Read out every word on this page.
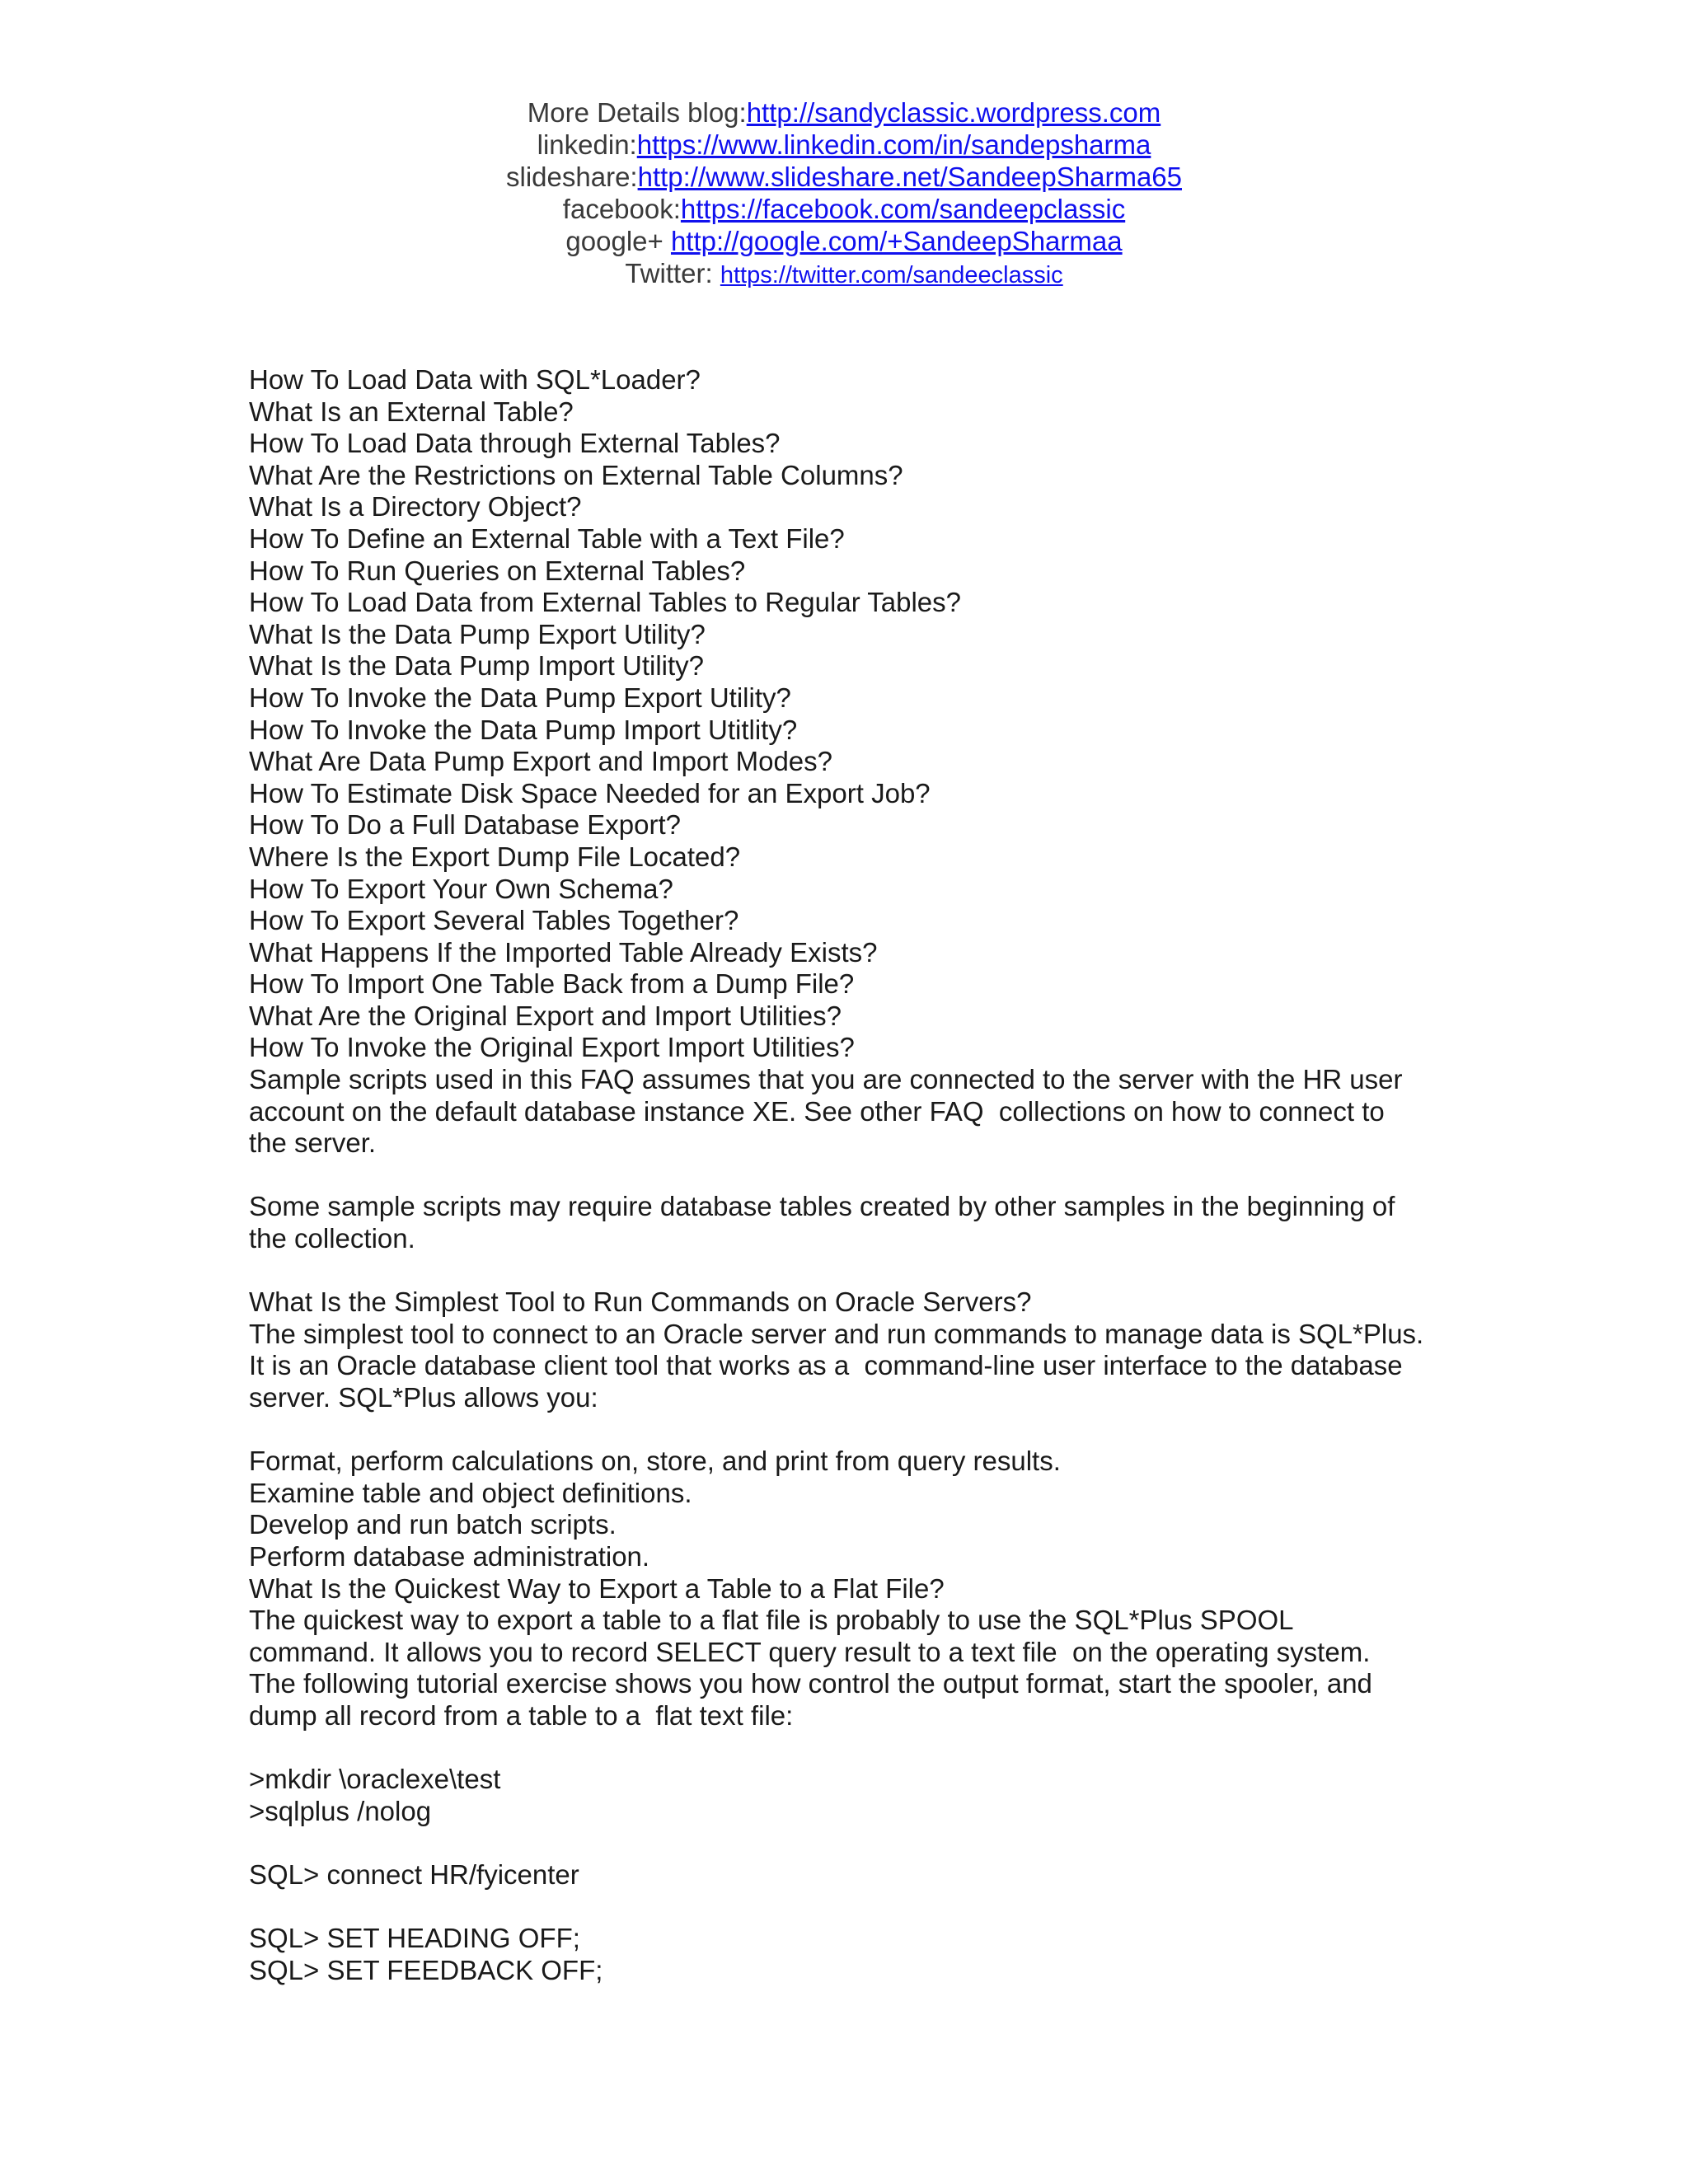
More Details blog:http://sandyclassic.wordpress.com
linkedin:https://www.linkedin.com/in/sandepsharma
slideshare:http://www.slideshare.net/SandeepSharma65
facebook:https://facebook.com/sandeepclassic
google+ http://google.com/+SandeepSharmaa
Twitter: https://twitter.com/sandeeclassic
How To Load Data with SQL*Loader?
What Is an External Table?
How To Load Data through External Tables?
What Are the Restrictions on External Table Columns?
What Is a Directory Object?
How To Define an External Table with a Text File?
How To Run Queries on External Tables?
How To Load Data from External Tables to Regular Tables?
What Is the Data Pump Export Utility?
What Is the Data Pump Import Utility?
How To Invoke the Data Pump Export Utility?
How To Invoke the Data Pump Import Utitlity?
What Are Data Pump Export and Import Modes?
How To Estimate Disk Space Needed for an Export Job?
How To Do a Full Database Export?
Where Is the Export Dump File Located?
How To Export Your Own Schema?
How To Export Several Tables Together?
What Happens If the Imported Table Already Exists?
How To Import One Table Back from a Dump File?
What Are the Original Export and Import Utilities?
How To Invoke the Original Export Import Utilities?
Sample scripts used in this FAQ assumes that you are connected to the server with the HR user
account on the default database instance XE. See other FAQ  collections on how to connect to
the server.
Some sample scripts may require database tables created by other samples in the beginning of
the collection.
What Is the Simplest Tool to Run Commands on Oracle Servers?
The simplest tool to connect to an Oracle server and run commands to manage data is SQL*Plus.
It is an Oracle database client tool that works as a  command-line user interface to the database
server. SQL*Plus allows you:
Format, perform calculations on, store, and print from query results.
Examine table and object definitions.
Develop and run batch scripts.
Perform database administration.
What Is the Quickest Way to Export a Table to a Flat File?
The quickest way to export a table to a flat file is probably to use the SQL*Plus SPOOL
command. It allows you to record SELECT query result to a text file  on the operating system.
The following tutorial exercise shows you how control the output format, start the spooler, and
dump all record from a table to a  flat text file:
>mkdir \oraclexe\test
>sqlplus /nolog
SQL> connect HR/fyicenter
SQL> SET HEADING OFF;
SQL> SET FEEDBACK OFF;
